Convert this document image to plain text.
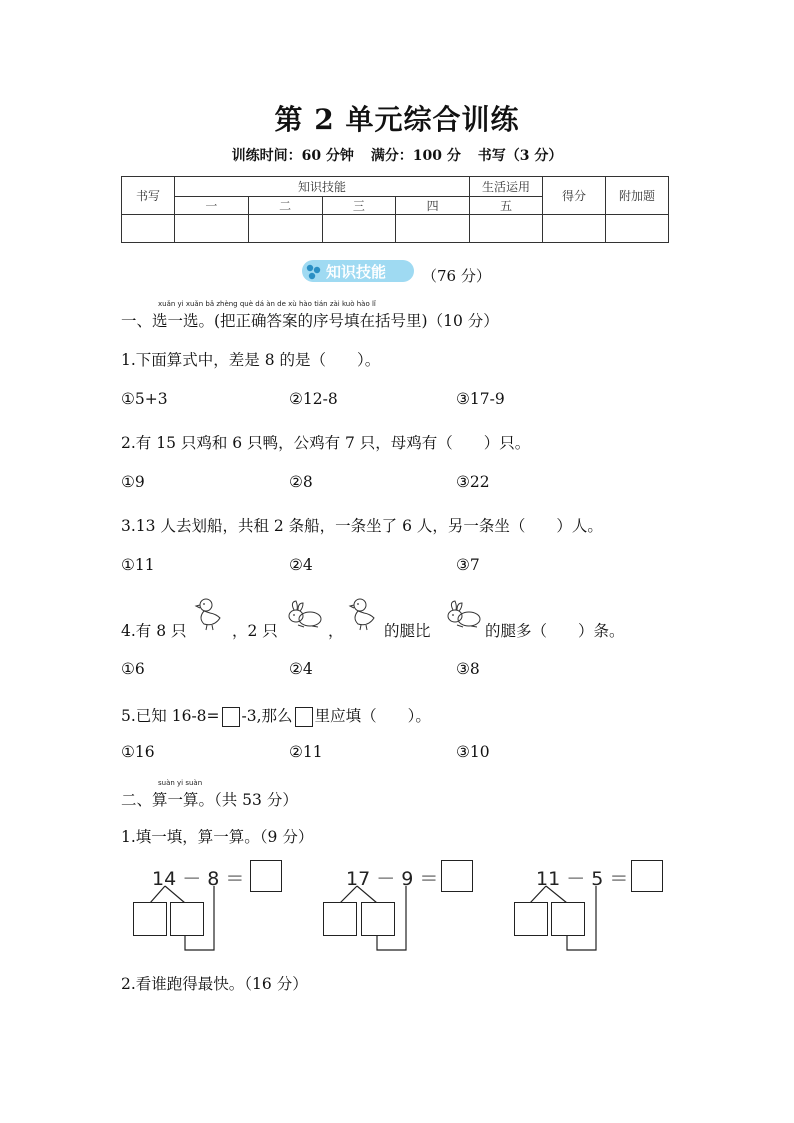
第 2 单元综合训练
训练时间：60 分钟 满分：100 分 书写（3 分）
书写	知识技能				生活运用	得分	附加题
	一	二	三	四	五		

知识技能 （76 分）
xuǎn yi xuǎn bǎ zhèng què dá àn de xù hào tián zài kuò hào lǐ
一、选一选。(把正确答案的序号填在括号里)（10 分）
1.下面算式中，差是 8 的是（　　）。
①5+3	②12-8	③17-9
2.有 15 只鸡和 6 只鸭，公鸡有 7 只，母鸡有（　　）只。
①9	②8	③22
3.13 人去划船，共租 2 条船，一条坐了 6 人，另一条坐（　　）人。
①11	②4	③7
4.有 8 只	，2 只	，	的腿比	的腿多（　　）条。
①6	②4	③8
5.已知 16-8= -3,那么 里应填（　　）。
①16	②11	③10
suàn yi suàn
二、算一算。（共 53 分）
1.填一填，算一算。（9 分）
14 － 8 ＝	17 － 9 ＝	11 － 5 ＝
2.看谁跑得最快。（16 分）
